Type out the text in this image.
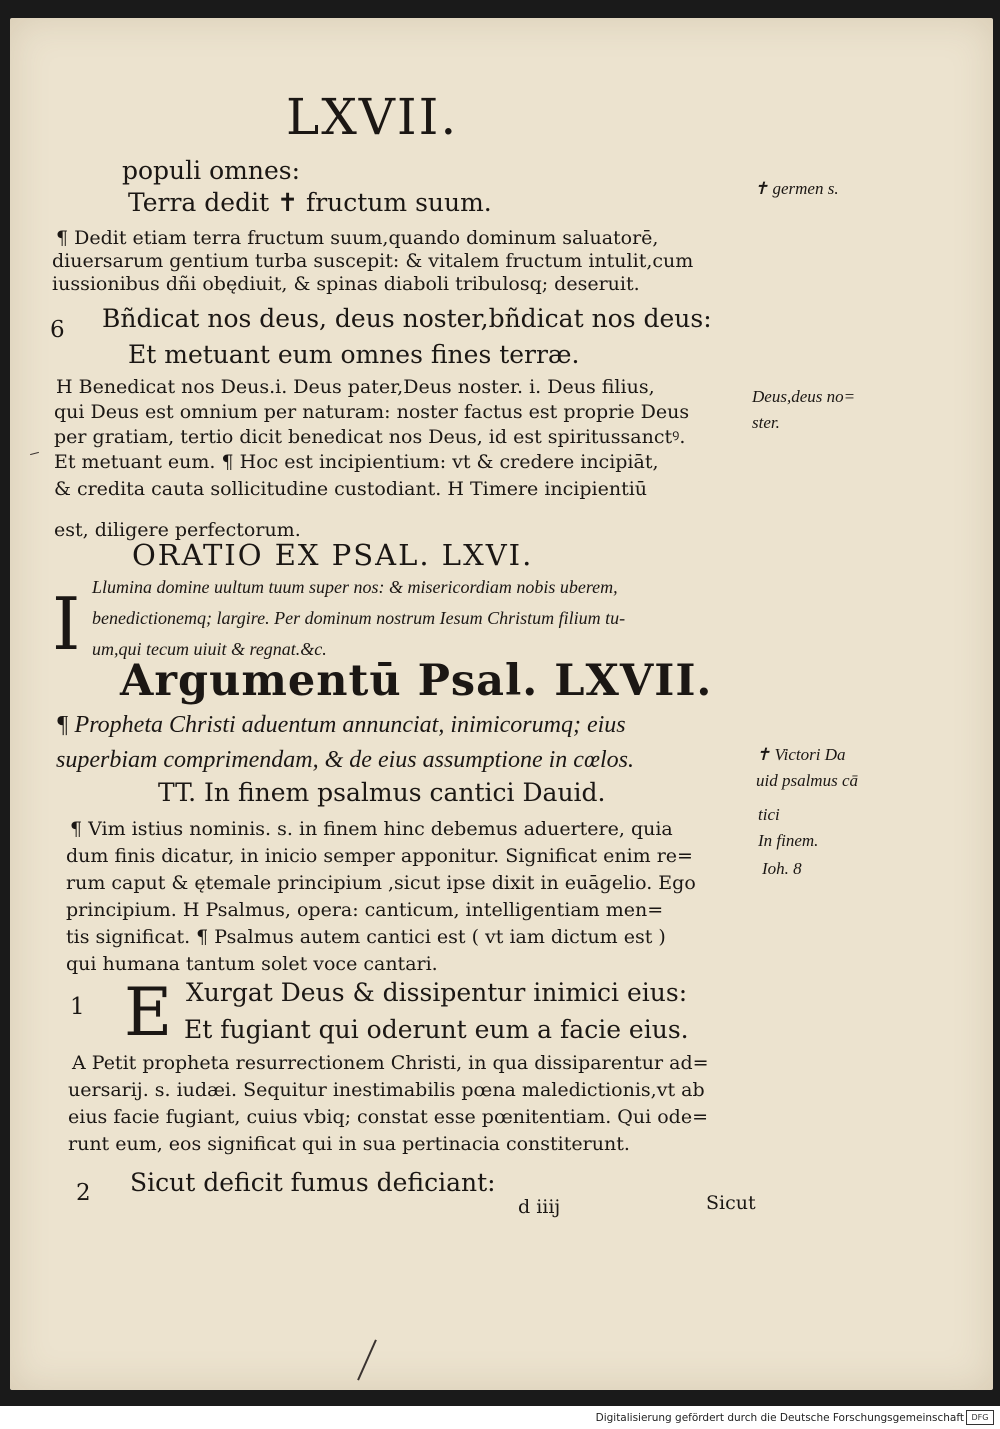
LXVII.
populi omnes:
Terra dedit ✝ fructum suum.
¶ Dedit etiam terra fructum suum,quando dominum saluatorē,
diuersarum gentium turba suscepit: & vitalem fructum intulit,cum
iussionibus dñi obędiuit, & spinas diaboli tribulosq; deseruit.
6 Bñdicat nos deus, deus noster,bñdicat nos deus:
Et metuant eum omnes fines terræ.
H Benedicat nos Deus.i. Deus pater,Deus noster. i. Deus filius,
qui Deus est omnium per naturam: noster factus est proprie Deus
per gratiam, tertio dicit benedicat nos Deus, id est spiritussanctꝰ.
Et metuant eum. ¶ Hoc est incipientium: vt & credere incipiāt,
& credita cauta sollicitudine custodiant. H Timere incipientiū
est, diligere perfectorum.
ORATIO EX PSAL. LXVI.
I Llumina domine uultum tuum super nos: & misericordiam nobis uberem,
benedictionemq; largire. Per dominum nostrum Iesum Christum filium tu-
um,qui tecum uiuit & regnat.&c.
Argumentū Psal. LXVII.
¶ Propheta Christi aduentum annunciat, inimicorumq; eius
superbiam comprimendam, & de eius assumptione in cœlos.
TT. In finem psalmus cantici Dauid.
¶ Vim istius nominis. s. in finem hinc debemus aduertere, quia
dum finis dicatur, in inicio semper apponitur. Significat enim re=
rum caput & ętemale principium ,sicut ipse dixit in euāgelio. Ego
principium. H Psalmus, opera: canticum, intelligentiam men=
tis significat. ¶ Psalmus autem cantici est ( vt iam dictum est )
qui humana tantum solet voce cantari.
1 E Xurgat Deus & dissipentur inimici eius:
Et fugiant qui oderunt eum a facie eius.
A Petit propheta resurrectionem Christi, in qua dissiparentur ad=
uersarij. s. iudæi. Sequitur inestimabilis pœna maledictionis,vt ab
eius facie fugiant, cuius vbiq; constat esse pœnitentiam. Qui ode=
runt eum, eos significat qui in sua pertinacia constiterunt.
2 Sicut deficit fumus deficiant:
d iiij	Sicut
✝ germen s.
Deus,deus no=
ster.
✝ Victori Da
uid psalmus cā
tici
In finem.
Ioh. 8
Digitalisierung gefördert durch die Deutsche Forschungsgemeinschaft DFG
